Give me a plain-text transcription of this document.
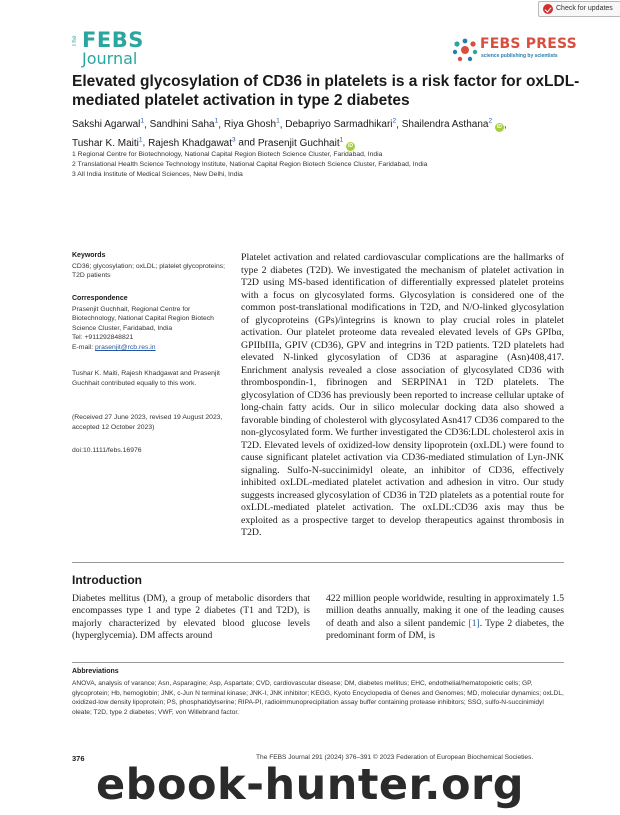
Check for updates
The FEBS
Journal
FEBS PRESS
science publishing by scientists
Elevated glycosylation of CD36 in platelets is a risk factor for oxLDL-mediated platelet activation in type 2 diabetes
Sakshi Agarwal$^1$, Sandhini Saha$^1$, Riya Ghosh$^1$, Debapriyo Sarmadhikari$^2$, Shailendra Asthana$^2$ iD ,
Tushar K. Maiti$^1$, Rajesh Khadgawat$^3$ and Prasenjit Guchhait$^1$ iD
1 Regional Centre for Biotechnology, National Capital Region Biotech Science Cluster, Faridabad, India
2 Translational Health Science Technology Institute, National Capital Region Biotech Science Cluster, Faridabad, India
3 All India Institute of Medical Sciences, New Delhi, India
Keywords
CD36; glycosylation; oxLDL; platelet glycoproteins; T2D patients
Correspondence
Prasenjit Guchhait, Regional Centre for Biotechnology, National Capital Region Biotech Science Cluster, Faridabad, India
Tel: +911292848821
E-mail: prasenjit@rcb.res.in
Tushar K. Maiti, Rajesh Khadgawat and Prasenjit Guchhait contributed equally to this work.
(Received 27 June 2023, revised 19 August 2023, accepted 12 October 2023)
doi:10.1111/febs.16976
Platelet activation and related cardiovascular complications are the hallmarks of type 2 diabetes (T2D). We investigated the mechanism of platelet activation in T2D using MS-based identification of differentially expressed platelet proteins with a focus on glycosylated forms. Glycosylation is considered one of the common post-translational modifications in T2D, and N/O-linked glycosylation of glycoproteins (GPs)/integrins is known to play crucial roles in platelet activation. Our platelet proteome data revealed elevated levels of GPs GPIbα, GPIIbIIIa, GPIV (CD36), GPV and integrins in T2D patients. T2D platelets had elevated N-linked glycosylation of CD36 at asparagine (Asn)408,417. Enrichment analysis revealed a close association of glycosylated CD36 with thrombospondin-1, fibrinogen and SERPINA1 in T2D platelets. The glycosylation of CD36 has previously been reported to increase cellular uptake of long-chain fatty acids. Our in silico molecular docking data also showed a favorable binding of cholesterol with glycosylated Asn417 CD36 compared to the non-glycosylated form. We further investigated the CD36:LDL cholesterol axis in T2D. Elevated levels of oxidized-low density lipoprotein (oxLDL) were found to cause significant platelet activation via CD36-mediated stimulation of Lyn-JNK signaling. Sulfo-N-succinimidyl oleate, an inhibitor of CD36, effectively inhibited oxLDL-mediated platelet activation and adhesion in vitro. Our study suggests increased glycosylation of CD36 in T2D platelets as a potential route for oxLDL-mediated platelet activation. The oxLDL:CD36 axis may thus be exploited as a prospective target to develop therapeutics against thrombosis in T2D.
Introduction
Diabetes mellitus (DM), a group of metabolic disorders that encompasses type 1 and type 2 diabetes (T1 and T2D), is majorly characterized by elevated blood glucose levels (hyperglycemia). DM affects around
422 million people worldwide, resulting in approximately 1.5 million deaths annually, making it one of the leading causes of death and also a silent pandemic [1]. Type 2 diabetes, the predominant form of DM, is
Abbreviations
ANOVA, analysis of varance; Asn, Asparagine; Asp, Aspartate; CVD, cardiovascular disease; DM, diabetes mellitus; EHC, endothelial/hematopoietic cells; GP, glycoprotein; Hb, hemoglobin; JNK, c-Jun N terminal kinase; JNK-I, JNK inhibitor; KEGG, Kyoto Encyclopedia of Genes and Genomes; MD, molecular dynamics; oxLDL, oxidized-low density lipoprotein; PS, phosphatidylserine; RIPA-PI, radioimmunoprecipitation assay buffer containing protease inhibitors; SSO, sulfo-N-succinimidyl oleate; T2D, type 2 diabetes; VWF, von Willebrand factor.
376	The FEBS Journal 291 (2024) 376–391 © 2023 Federation of European Biochemical Societies.
ebook-hunter.org
